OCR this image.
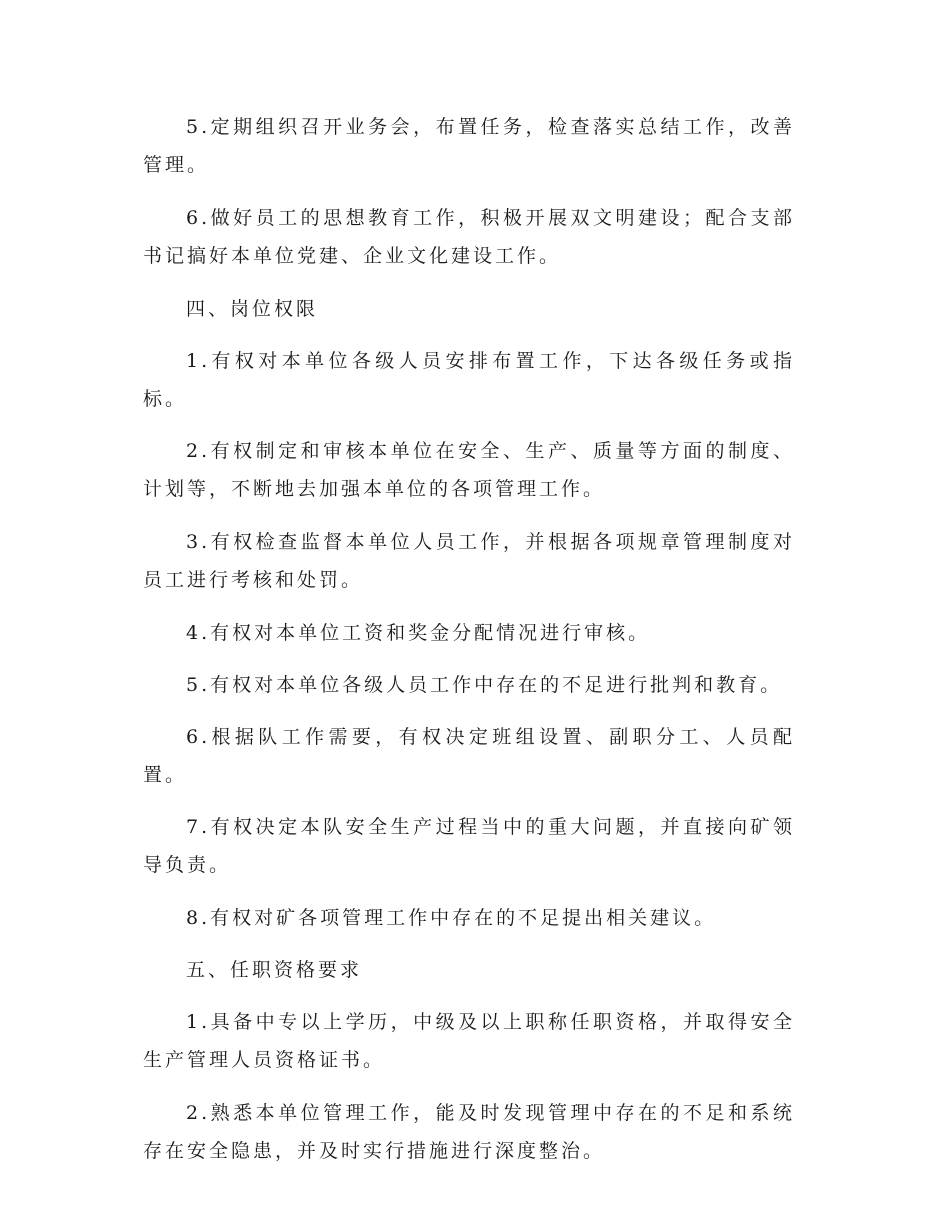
5.定期组织召开业务会，布置任务，检查落实总结工作，改善管理。

6.做好员工的思想教育工作，积极开展双文明建设；配合支部书记搞好本单位党建、企业文化建设工作。

四、岗位权限

1.有权对本单位各级人员安排布置工作，下达各级任务或指标。

2.有权制定和审核本单位在安全、生产、质量等方面的制度、计划等，不断地去加强本单位的各项管理工作。

3.有权检查监督本单位人员工作，并根据各项规章管理制度对员工进行考核和处罚。

4.有权对本单位工资和奖金分配情况进行审核。

5.有权对本单位各级人员工作中存在的不足进行批判和教育。

6.根据队工作需要，有权决定班组设置、副职分工、人员配置。

7.有权决定本队安全生产过程当中的重大问题，并直接向矿领导负责。

8.有权对矿各项管理工作中存在的不足提出相关建议。

五、任职资格要求

1.具备中专以上学历，中级及以上职称任职资格，并取得安全生产管理人员资格证书。

2.熟悉本单位管理工作，能及时发现管理中存在的不足和系统存在安全隐患，并及时实行措施进行深度整治。
